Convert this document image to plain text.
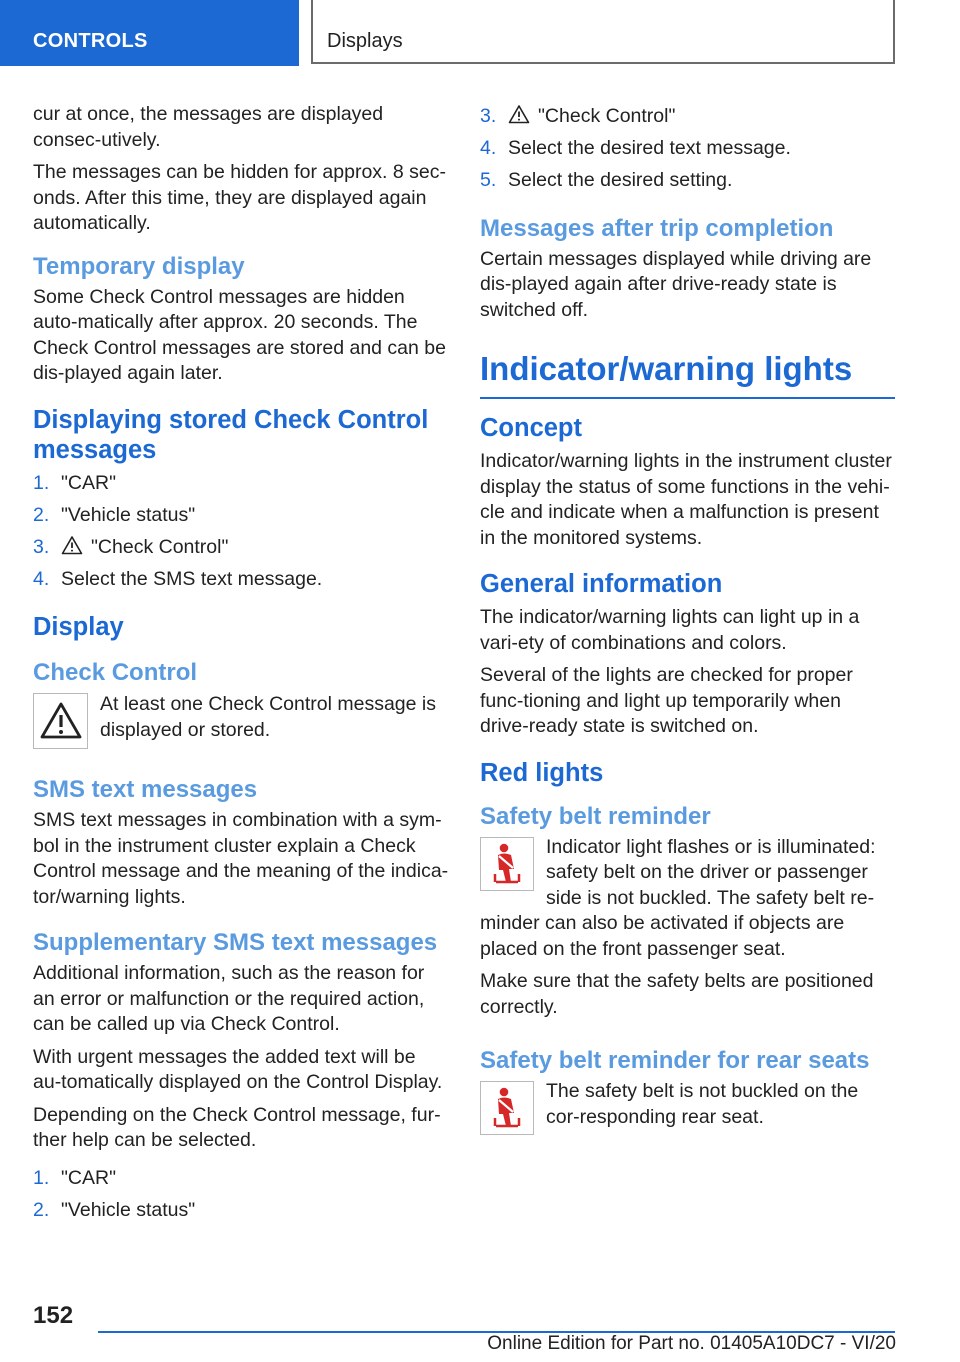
CONTROLS	Displays

cur at once, the messages are displayed consec-utively.

The messages can be hidden for approx. 8 sec-onds. After this time, they are displayed again automatically.

Temporary display

Some Check Control messages are hidden auto-matically after approx. 20 seconds. The Check Control messages are stored and can be dis-played again later.

Displaying stored Check Control messages
1. "CAR"
2. "Vehicle status"
3. "Check Control"
4. Select the SMS text message.
Display
Check Control

At least one Check Control message is displayed or stored.

SMS text messages

SMS text messages in combination with a sym-bol in the instrument cluster explain a Check Control message and the meaning of the indica-tor/warning lights.

Supplementary SMS text messages

Additional information, such as the reason for an error or malfunction or the required action, can be called up via Check Control.

With urgent messages the added text will be au-tomatically displayed on the Control Display.

Depending on the Check Control message, fur-ther help can be selected.

1. "CAR"
2. "Vehicle status"
3. "Check Control"
4. Select the desired text message.
5. Select the desired setting.
Messages after trip completion

Certain messages displayed while driving are dis-played again after drive-ready state is switched off.

Indicator/warning lights
Concept

Indicator/warning lights in the instrument cluster display the status of some functions in the vehi-cle and indicate when a malfunction is present in the monitored systems.

General information

The indicator/warning lights can light up in a vari-ety of combinations and colors.

Several of the lights are checked for proper func-tioning and light up temporarily when drive-ready state is switched on.

Red lights
Safety belt reminder

Indicator light flashes or is illuminated: safety belt on the driver or passenger side is not buckled. The safety belt re-minder can also be activated if objects are placed on the front passenger seat.

Make sure that the safety belts are positioned correctly.

Safety belt reminder for rear seats

The safety belt is not buckled on the cor-responding rear seat.

152
Online Edition for Part no. 01405A10DC7 - VI/20
